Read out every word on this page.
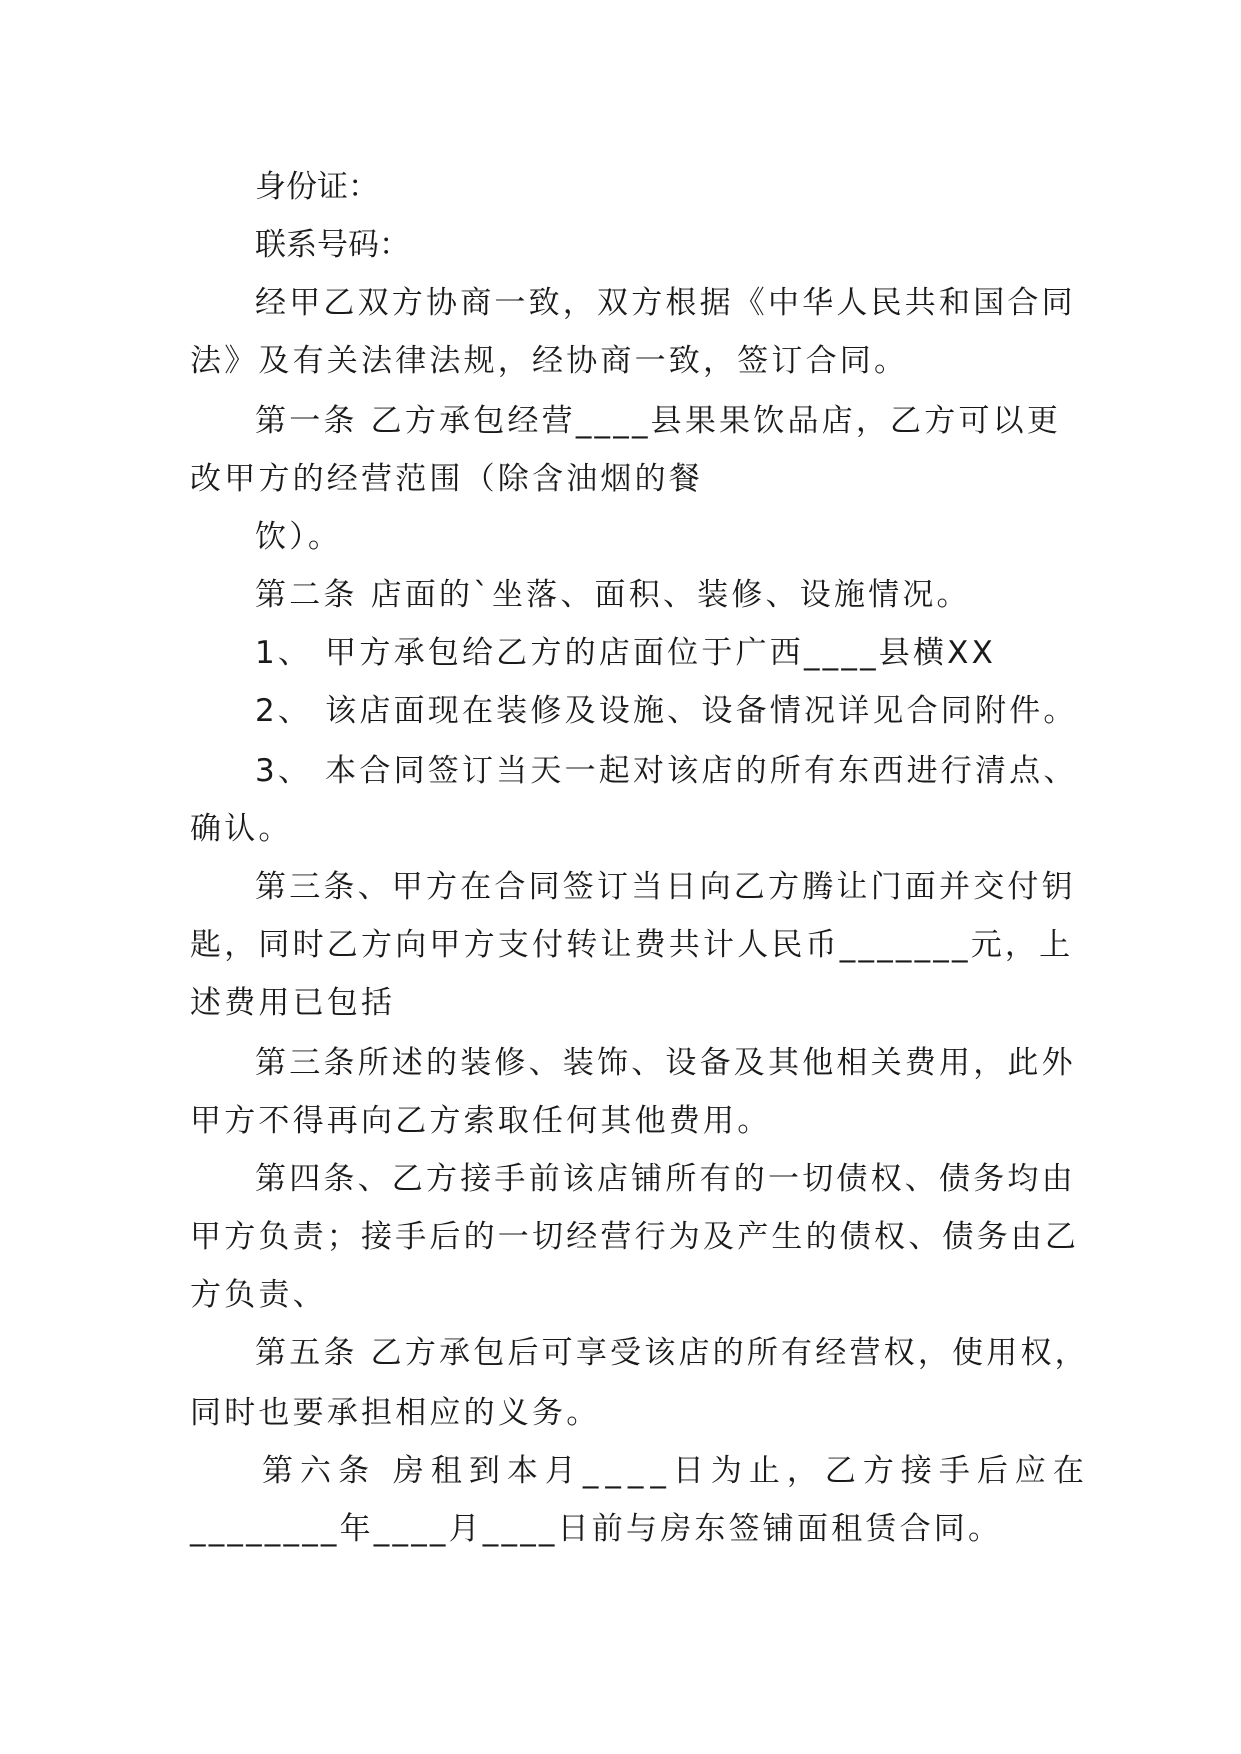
身份证：
联系号码：
经甲乙双方协商一致，双方根据《中华人民共和国合同
法》及有关法律法规，经协商一致，签订合同。
第一条 乙方承包经营____县果果饮品店，乙方可以更
改甲方的经营范围（除含油烟的餐
饮）。
第二条 店面的`坐落、面积、装修、设施情况。
1、 甲方承包给乙方的店面位于广西____县横XX
2、 该店面现在装修及设施、设备情况详见合同附件。
3、 本合同签订当天一起对该店的所有东西进行清点、
确认。
第三条、甲方在合同签订当日向乙方腾让门面并交付钥
匙，同时乙方向甲方支付转让费共计人民币_______元，上
述费用已包括
第三条所述的装修、装饰、设备及其他相关费用，此外
甲方不得再向乙方索取任何其他费用。
第四条、乙方接手前该店铺所有的一切债权、债务均由
甲方负责；接手后的一切经营行为及产生的债权、债务由乙
方负责、
第五条 乙方承包后可享受该店的所有经营权，使用权，
同时也要承担相应的义务。
第六条 房租到本月____日为止，乙方接手后应在
________年____月____日前与房东签铺面租赁合同。
